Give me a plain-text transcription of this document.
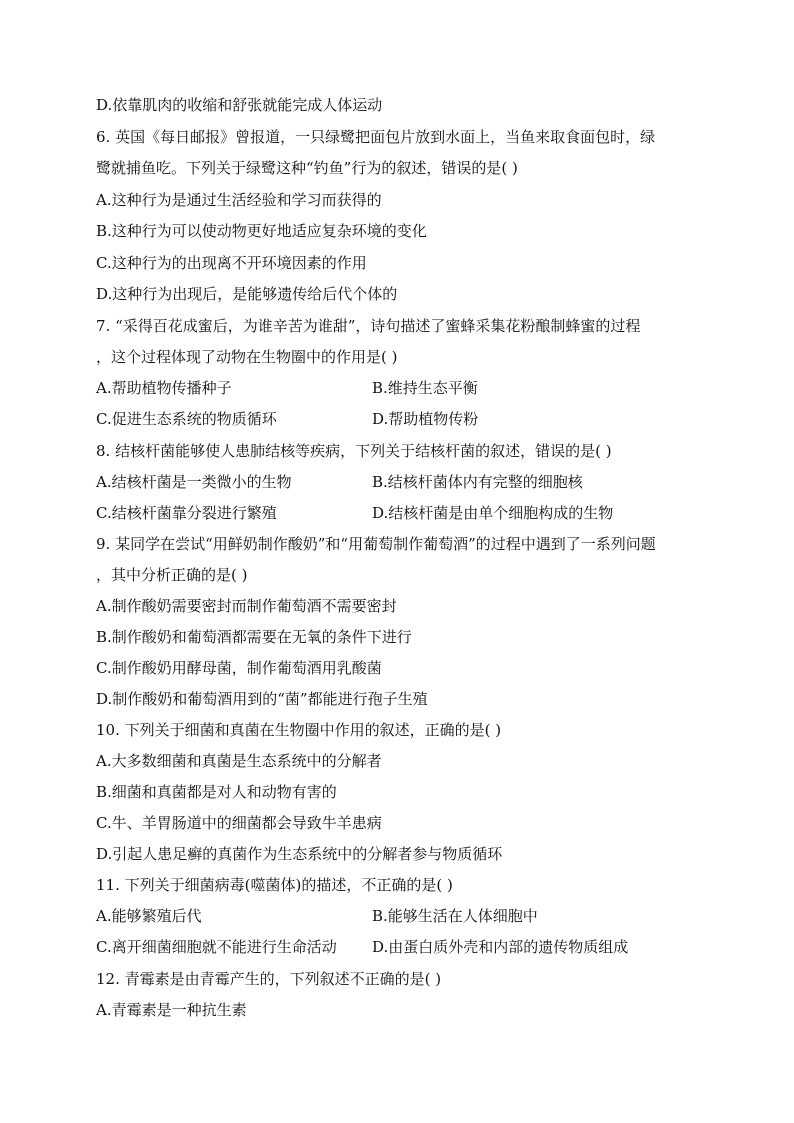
D.依靠肌肉的收缩和舒张就能完成人体运动
6. 英国《每日邮报》曾报道，一只绿鹭把面包片放到水面上，当鱼来取食面包时，绿
鹭就捕鱼吃。下列关于绿鹭这种“钓鱼”行为的叙述，错误的是( )
A.这种行为是通过生活经验和学习而获得的
B.这种行为可以使动物更好地适应复杂环境的变化
C.这种行为的出现离不开环境因素的作用
D.这种行为出现后，是能够遗传给后代个体的
7. “采得百花成蜜后，为谁辛苦为谁甜”，诗句描述了蜜蜂采集花粉酿制蜂蜜的过程
，这个过程体现了动物在生物圈中的作用是( )
A.帮助植物传播种子	B.维持生态平衡
C.促进生态系统的物质循环	D.帮助植物传粉
8. 结核杆菌能够使人患肺结核等疾病，下列关于结核杆菌的叙述，错误的是( )
A.结核杆菌是一类微小的生物	B.结核杆菌体内有完整的细胞核
C.结核杆菌靠分裂进行繁殖	D.结核杆菌是由单个细胞构成的生物
9. 某同学在尝试“用鲜奶制作酸奶”和“用葡萄制作葡萄酒”的过程中遇到了一系列问题
，其中分析正确的是( )
A.制作酸奶需要密封而制作葡萄酒不需要密封
B.制作酸奶和葡萄酒都需要在无氧的条件下进行
C.制作酸奶用酵母菌，制作葡萄酒用乳酸菌
D.制作酸奶和葡萄酒用到的“菌”都能进行孢子生殖
10. 下列关于细菌和真菌在生物圈中作用的叙述，正确的是( )
A.大多数细菌和真菌是生态系统中的分解者
B.细菌和真菌都是对人和动物有害的
C.牛、羊胃肠道中的细菌都会导致牛羊患病
D.引起人患足癣的真菌作为生态系统中的分解者参与物质循环
11. 下列关于细菌病毒(噬菌体)的描述，不正确的是( )
A.能够繁殖后代	B.能够生活在人体细胞中
C.离开细菌细胞就不能进行生命活动 D.由蛋白质外壳和内部的遗传物质组成
12. 青霉素是由青霉产生的，下列叙述不正确的是( )
A.青霉素是一种抗生素
